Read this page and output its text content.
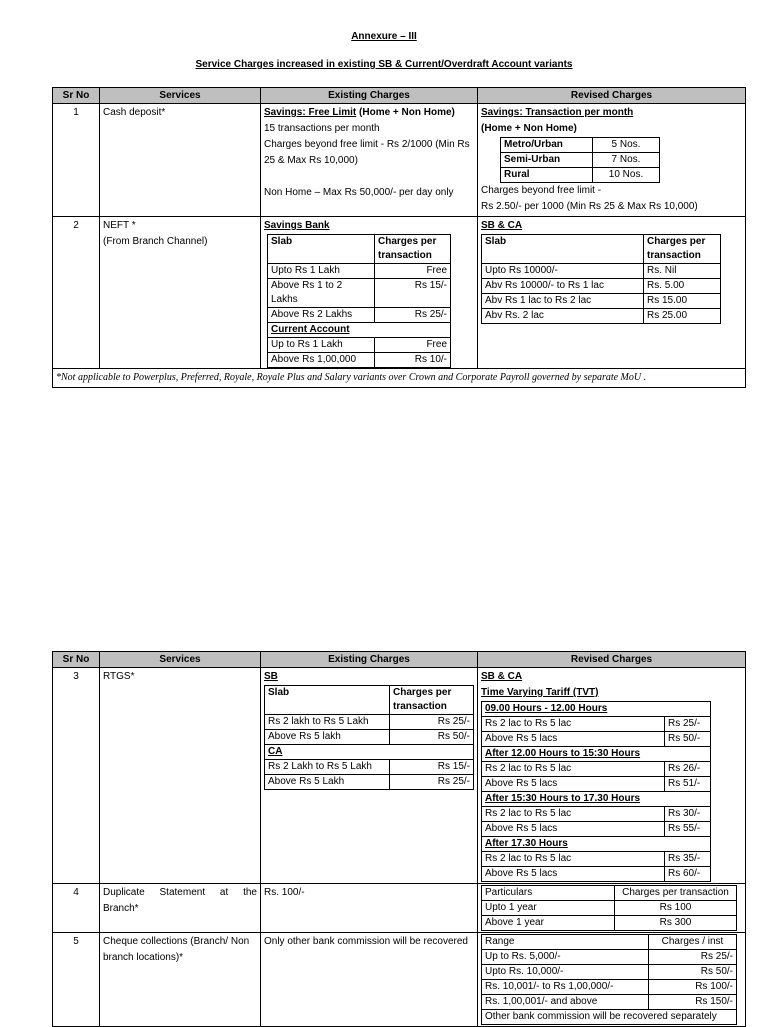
Annexure – III
Service Charges increased in existing SB & Current/Overdraft Account variants
Sr No	Services	Existing Charges	Revised Charges
1	Cash deposit*	Savings: Free Limit (Home + Non Home)
15 transactions per month
Charges beyond free limit - Rs 2/1000 (Min Rs 25 & Max Rs 10,000)
Non Home – Max Rs 50,000/- per day only

Savings: Transaction per month
(Home + Non Home)
Metro/Urban	5 Nos.
Semi-Urban	7 Nos.
Rural	10 Nos.
Charges beyond free limit -
Rs 2.50/- per 1000 (Min Rs 25 & Max Rs 10,000)

2	NEFT *
(From Branch Channel)

Savings Bank
Slab	Charges per transaction
Upto Rs 1 Lakh	Free
Above Rs 1 to 2 Lakhs	Rs 15/-
Above Rs 2 Lakhs	Rs 25/-
Current Account
Up to Rs 1 Lakh	Free
Above Rs 1,00,000	Rs 10/-

SB & CA
Slab	Charges per transaction
Upto Rs 10000/-	Rs. Nil
Abv Rs 10000/- to Rs 1 lac	Rs. 5.00
Abv Rs 1 lac to Rs 2 lac	Rs 15.00
Abv Rs. 2 lac	Rs 25.00

*Not applicable to Powerplus, Preferred, Royale, Royale Plus and Salary variants over Crown and Corporate Payroll governed by separate MoU .
Sr No	Services	Existing Charges	Revised Charges
3	RTGS*	SB
Slab	Charges per transaction
Rs 2 lakh to Rs 5 Lakh	Rs 25/-
Above Rs 5 lakh	Rs 50/-
CA
Rs 2 Lakh to Rs 5 Lakh	Rs 15/-
Above Rs 5 Lakh	Rs 25/-

SB & CA
Time Varying Tariff (TVT)
09.00 Hours - 12.00 Hours
Rs 2 lac to Rs 5 lac	Rs 25/-
Above Rs 5 lacs	Rs 50/-
After 12.00 Hours to 15:30 Hours
Rs 2 lac to Rs 5 lac	Rs 26/-
Above Rs 5 lacs	Rs 51/-
After 15:30 Hours to 17.30 Hours
Rs 2 lac to Rs 5 lac	Rs 30/-
Above Rs 5 lacs	Rs 55/-
After 17.30 Hours
Rs 2 lac to Rs 5 lac	Rs 35/-
Above Rs 5 lacs	Rs 60/-

4	Duplicate Statement at the Branch*	Rs. 100/-		Particulars	Charges per transaction
Upto 1 year	Rs 100
Above 1 year	Rs 300

5	Cheque collections (Branch/ Non branch locations)*	Only other bank commission will be recovered	Range	Charges / inst
Up to Rs. 5,000/-	Rs 25/-
Upto Rs. 10,000/-	Rs 50/-
Rs. 10,001/- to Rs 1,00,000/-	Rs 100/-
Rs. 1,00,001/- and above	Rs 150/-
Other bank commission will be recovered separately
